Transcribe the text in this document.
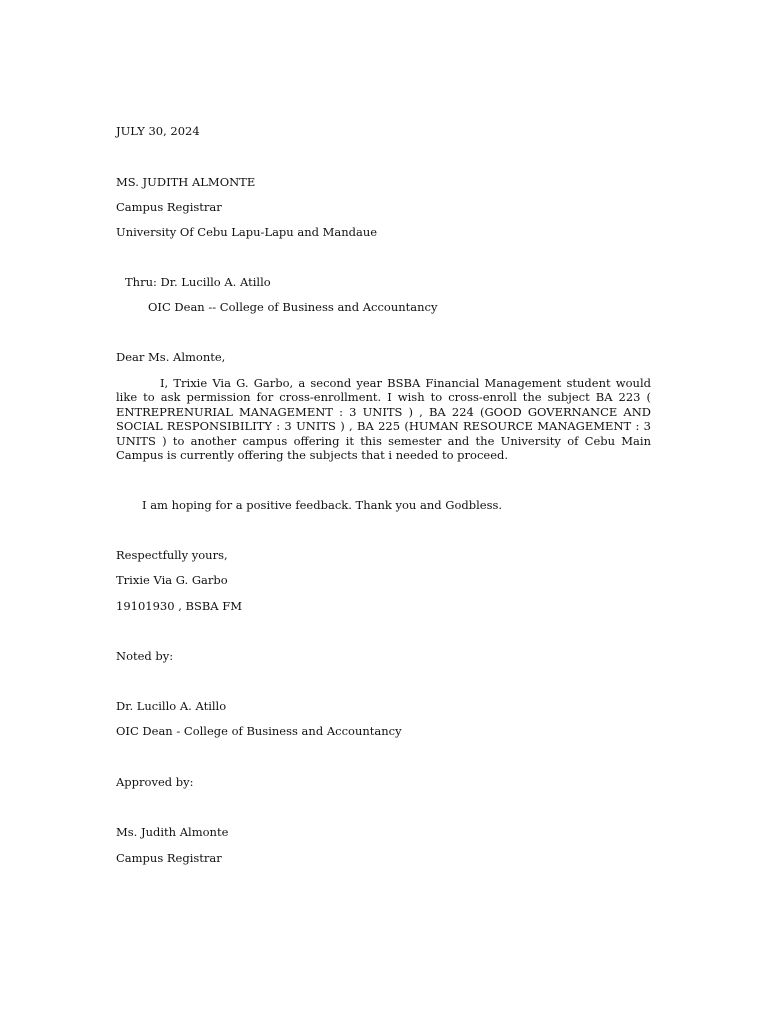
JULY 30, 2024
MS. JUDITH ALMONTE
Campus Registrar
University Of Cebu Lapu-Lapu and Mandaue
Thru: Dr. Lucillo A. Atillo
OIC Dean -- College of Business and Accountancy
Dear Ms. Almonte,
I, Trixie Via G. Garbo, a second year BSBA Financial Management student would like to ask permission for cross-enrollment. I wish to cross-enroll the subject BA 223 ( ENTREPRENURIAL MANAGEMENT : 3 UNITS ) , BA 224 (GOOD GOVERNANCE AND SOCIAL RESPONSIBILITY : 3 UNITS ) , BA 225 (HUMAN RESOURCE MANAGEMENT : 3 UNITS ) to another campus offering it this semester and the University of Cebu Main Campus is currently offering the subjects that i needed to proceed.
I am hoping for a positive feedback. Thank you and Godbless.
Respectfully yours,
Trixie Via G. Garbo
19101930 , BSBA FM
Noted by:
Dr. Lucillo A. Atillo
OIC Dean - College of Business and Accountancy
Approved by:
Ms. Judith Almonte
Campus Registrar
